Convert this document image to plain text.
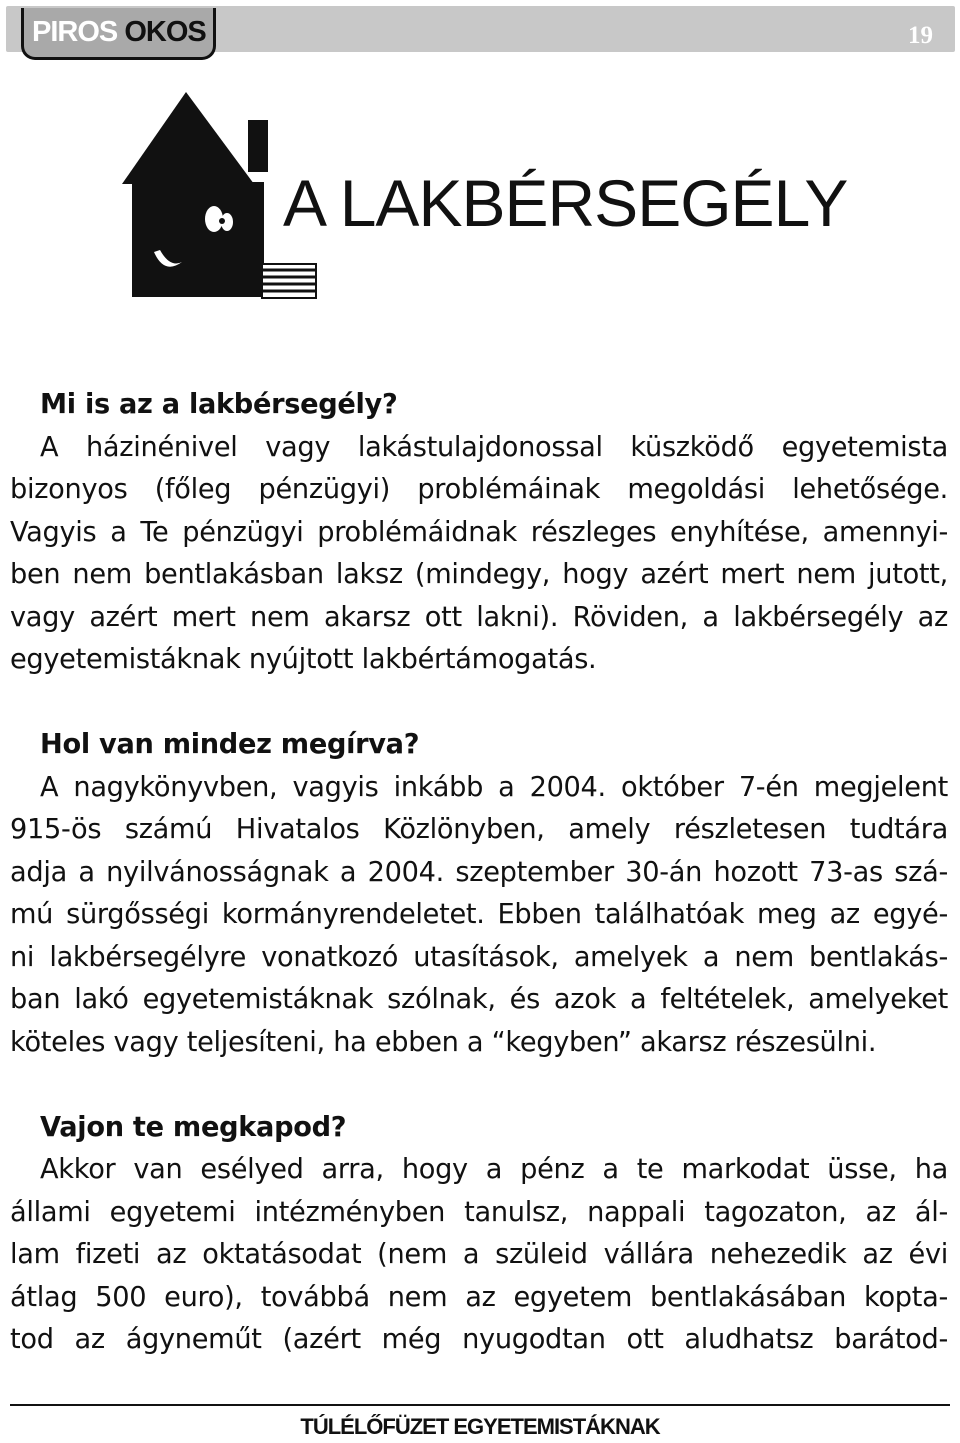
PIROS OKOS	19
A LAKBÉRSEGÉLY
Mi is az a lakbérsegély?
A házinénivel vagy lakástulajdonossal küszködő egyetemista
bizonyos (főleg pénzügyi) problémáinak megoldási lehetősége.
Vagyis a Te pénzügyi problémáidnak részleges enyhítése, amennyi-
ben nem bentlakásban laksz (mindegy, hogy azért mert nem jutott,
vagy azért mert nem akarsz ott lakni). Röviden, a lakbérsegély az
egyetemistáknak nyújtott lakbértámogatás.
Hol van mindez megírva?
A nagykönyvben, vagyis inkább a 2004. október 7-én megjelent
915-ös számú Hivatalos Közlönyben, amely részletesen tudtára
adja a nyilvánosságnak a 2004. szeptember 30-án hozott 73-as szá-
mú sürgősségi kormányrendeletet. Ebben találhatóak meg az egyé-
ni lakbérsegélyre vonatkozó utasítások, amelyek a nem bentlakás-
ban lakó egyetemistáknak szólnak, és azok a feltételek, amelyeket
köteles vagy teljesíteni, ha ebben a “kegyben” akarsz részesülni.
Vajon te megkapod?
Akkor van esélyed arra, hogy a pénz a te markodat üsse, ha
állami egyetemi intézményben tanulsz, nappali tagozaton, az ál-
lam fizeti az oktatásodat (nem a szüleid vállára nehezedik az évi
átlag 500 euro), továbbá nem az egyetem bentlakásában kopta-
tod az ágyneműt (azért még nyugodtan ott aludhatsz barátod-
TÚLÉLŐFÜZET EGYETEMISTÁKNAK
